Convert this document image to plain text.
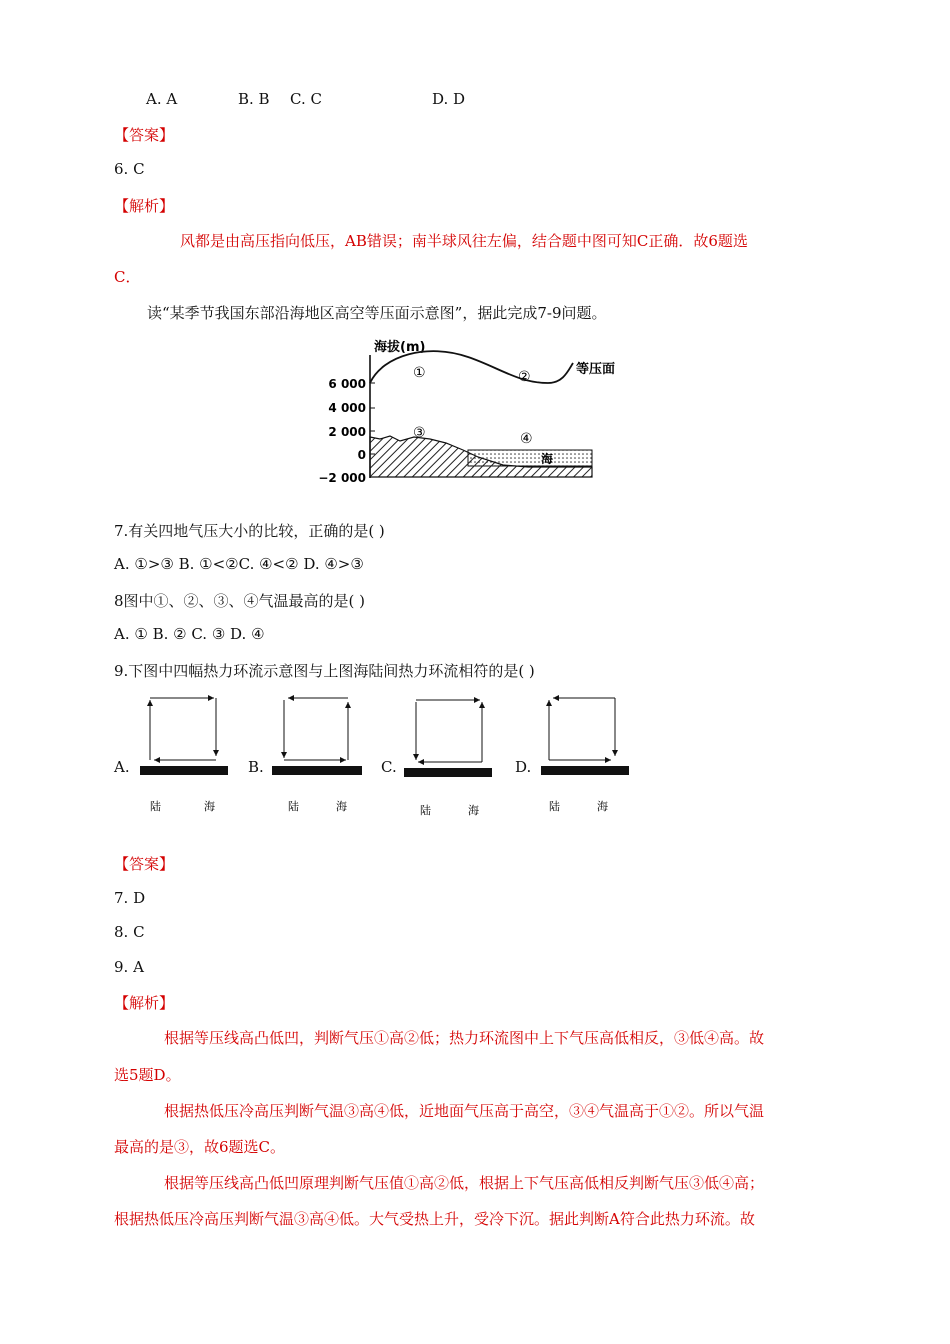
A. A	B. B C. C	D. D
【答案】
6. C
【解析】
风都是由高压指向低压，AB错误；南半球风往左偏，结合题中图可知C正确．故6题选
C．
读“某季节我国东部沿海地区高空等压面示意图”，据此完成7-9问题。
海拔(m)
6 000
4 000
2 000
0
−2 000
等压面
①	②
③	④
海
7.有关四地气压大小的比较，正确的是( )
A. ①>③ B. ①<②C. ④<② D. ④>③
8图中①、②、③、④气温最高的是( )
A. ① B. ② C. ③ D. ④
9.下图中四幅热力环流示意图与上图海陆间热力环流相符的是( )
A.
陆	海
B.
陆	海
C.
陆	海
D.
陆	海
【答案】
7. D
8. C
9. A
【解析】
根据等压线高凸低凹，判断气压①高②低；热力环流图中上下气压高低相反，③低④高。故
选5题D。
根据热低压冷高压判断气温③高④低，近地面气压高于高空，③④气温高于①②。所以气温
最高的是③，故6题选C。
根据等压线高凸低凹原理判断气压值①高②低，根据上下气压高低相反判断气压③低④高；
根据热低压冷高压判断气温③高④低。大气受热上升，受冷下沉。据此判断A符合此热力环流。故
